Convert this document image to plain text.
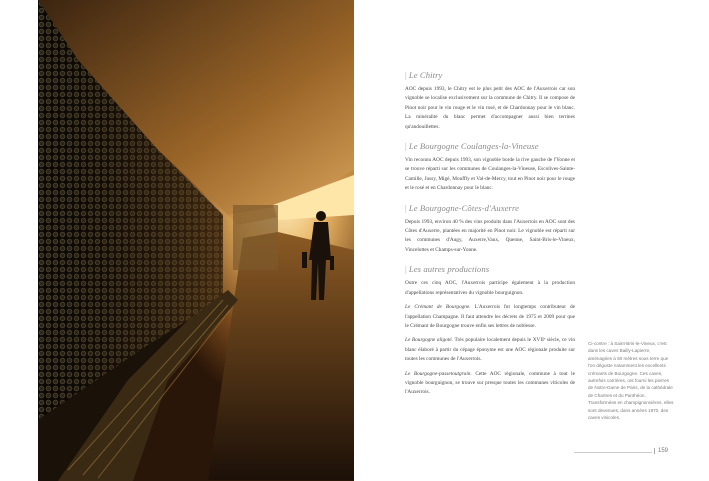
| Le Chitry

AOC depuis 1993, le Chitry est le plus petit des AOC de l'Auxerrois car son vignoble se localise exclusivement sur la commune de Chitry. Il se compose de Pinot noir pour le vin rouge et le vin rosé, et de Chardonnay pour le vin blanc. La minéralité du blanc permet d'accompagner aussi bien terrines qu'andouillettes.

| Le Bourgogne Coulanges-la-Vineuse

Vin reconnu AOC depuis 1993, son vignoble borde la rive gauche de l'Yonne et se trouve réparti sur les communes de Coulanges-la-Vineuse, Escolives-Sainte-Camille, Jussy, Migé, Mouffly et Val-de-Mercy, tout en Pinot noir pour le rouge et le rosé et en Chardonnay pour le blanc.

| Le Bourgogne-Côtes-d'Auxerre

Depuis 1993, environ 40 % des vins produits dans l'Auxerrois en AOC sont des Côtes d'Auxerre, plantées en majorité en Pinot noir. Le vignoble est réparti sur les communes d'Augy, Auxerre,Vaux, Quenne, Saint-Bris-le-Vineux, Vincelottes et Champs-sur-Yonne.

| Les autres productions

Outre ces cinq AOC, l'Auxerrois participe également à la production d'appellations représentatives du vignoble bourguignon.

Le Crémant de Bourgogne. L'Auxerrois fut longtemps contributeur de l'appellation Champagne. Il faut attendre les décrets de 1975 et 2009 pour que le Crémant de Bourgogne trouve enfin ses lettres de noblesse.

Le Bourgogne aligoté. Très populaire localement depuis le XVIIᵉ siècle, ce vin blanc élaboré à partir du cépage éponyme est une AOC régionale produite sur toutes les communes de l'Auxerrois.

Le Bourgogne-passetoutgrain. Cette AOC régionale, commune à tout le vignoble bourguignon, se trouve sur presque toutes les communes viticoles de l'Auxerrois.

Ci-contre : à Saint-Bris-le-Vineux, c'est dans les caves Bailly-Lapierre, aménagées à 50 mètres sous terre que l'on déguste notamment les excellents crémants de Bourgogne. Ces caves, autrefois carrières, ont fourni les pierres de Notre-Dame de Paris, de la cathédrale de Chartres et du Panthéon. Transformées en champignonnières, elles sont devenues, dans années 1970, des caves vinicoles.
159
